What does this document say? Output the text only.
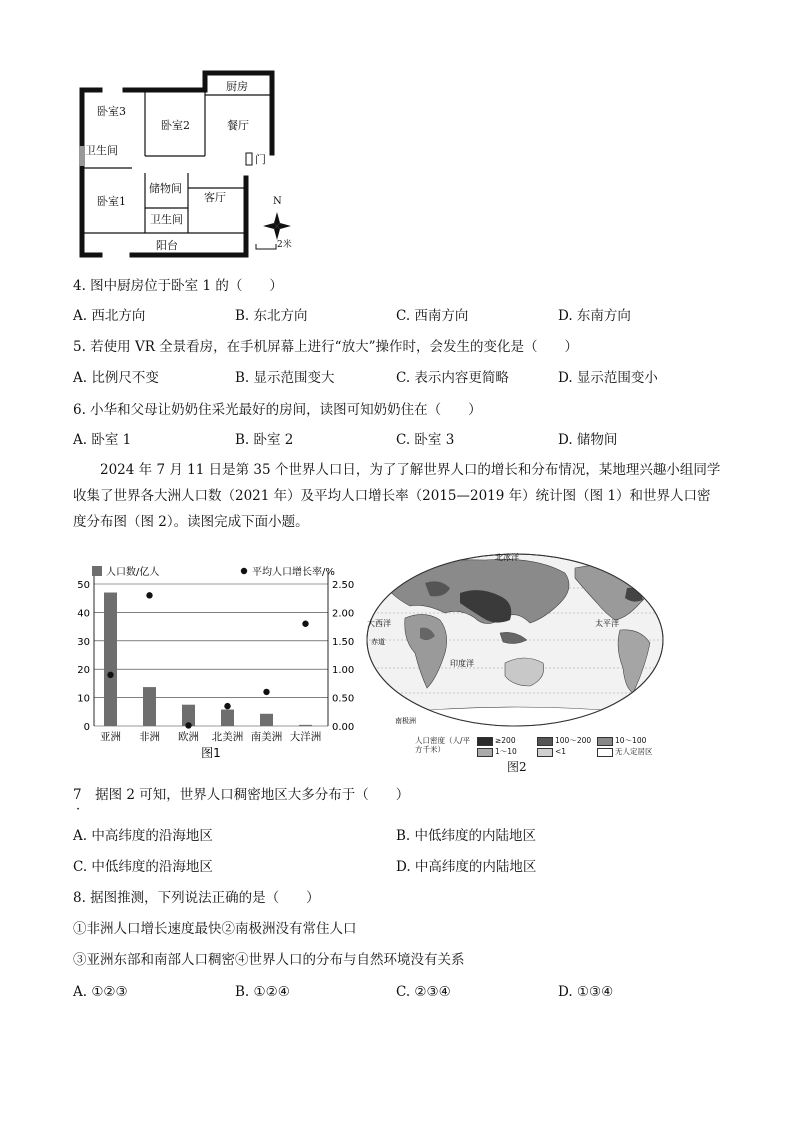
厨房
卧室3
卧室2	餐厅
卫生间
门
储物间
卧室1	客厅
卫生间
阳台
N
2米
4. 图中厨房位于卧室 1 的（　　）
A. 西北方向	B. 东北方向	C. 西南方向	D. 东南方向
5. 若使用 VR 全景看房，在手机屏幕上进行“放大”操作时，会发生的变化是（　　）
A. 比例尺不变	B. 显示范围变大	C. 表示内容更简略	D. 显示范围变小
6. 小华和父母让奶奶住采光最好的房间，读图可知奶奶住在（　　）
A. 卧室 1	B. 卧室 2	C. 卧室 3	D. 储物间
2024 年 7 月 11 日是第 35 个世界人口日，为了了解世界人口的增长和分布情况，某地理兴趣小组同学收集了世界各大洲人口数（2021 年）及平均人口增长率（2015—2019 年）统计图（图 1）和世界人口密度分布图（图 2）。读图完成下面小题。
50	2.50
40	2.00
30	1.50
20	1.00
10	0.50
0	0.00
亚洲 非洲 欧洲 北美洲 南美洲 大洋洲
人口数/亿人	平均人口增长率/%
图1
北冰洋
太平洋
印度洋
大西洋
赤道
南极洲
人口密度（人/平方千米）
≥200	100～200	10～100
1～10	<1	无人定居区
图2
7　据图 2 可知，世界人口稠密地区大多分布于（　　）
·
A. 中高纬度的沿海地区	B. 中低纬度的内陆地区
C. 中低纬度的沿海地区	D. 中高纬度的内陆地区
8. 据图推测，下列说法正确的是（　　）
①非洲人口增长速度最快②南极洲没有常住人口
③亚洲东部和南部人口稠密④世界人口的分布与自然环境没有关系
A. ①②③	B. ①②④	C. ②③④	D. ①③④
